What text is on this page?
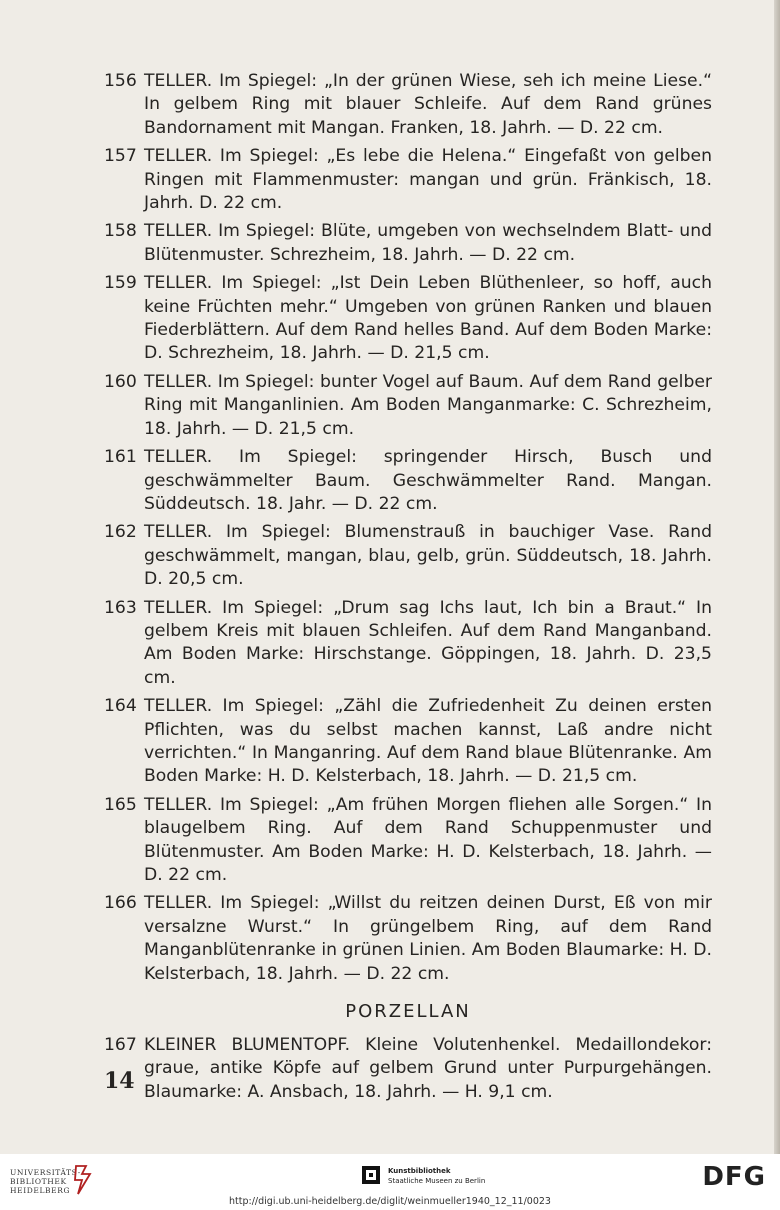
156 TELLER. Im Spiegel: „In der grünen Wiese, seh ich meine Liese.“ In gelbem Ring mit blauer Schleife. Auf dem Rand grünes Bandornament mit Mangan. Franken, 18. Jahrh. — D. 22 cm.
157 TELLER. Im Spiegel: „Es lebe die Helena.“ Eingefaßt von gelben Ringen mit Flammenmuster: mangan und grün. Fränkisch, 18. Jahrh. D. 22 cm.
158 TELLER. Im Spiegel: Blüte, umgeben von wechselndem Blatt- und Blütenmuster. Schrezheim, 18. Jahrh. — D. 22 cm.
159 TELLER. Im Spiegel: „Ist Dein Leben Blüthenleer, so hoff, auch keine Früchten mehr.“ Umgeben von grünen Ranken und blauen Fiederblättern. Auf dem Rand helles Band. Auf dem Boden Marke: D. Schrezheim, 18. Jahrh. — D. 21,5 cm.
160 TELLER. Im Spiegel: bunter Vogel auf Baum. Auf dem Rand gelber Ring mit Manganlinien. Am Boden Manganmarke: C. Schrezheim, 18. Jahrh. — D. 21,5 cm.
161 TELLER. Im Spiegel: springender Hirsch, Busch und geschwämmelter Baum. Geschwämmelter Rand. Mangan. Süddeutsch. 18. Jahr. — D. 22 cm.
162 TELLER. Im Spiegel: Blumenstrauß in bauchiger Vase. Rand geschwämmelt, mangan, blau, gelb, grün. Süddeutsch, 18. Jahrh. D. 20,5 cm.
163 TELLER. Im Spiegel: „Drum sag Ichs laut, Ich bin a Braut.“ In gelbem Kreis mit blauen Schleifen. Auf dem Rand Manganband. Am Boden Marke: Hirschstange. Göppingen, 18. Jahrh. D. 23,5 cm.
164 TELLER. Im Spiegel: „Zähl die Zufriedenheit Zu deinen ersten Pflichten, was du selbst machen kannst, Laß andre nicht verrichten.“ In Manganring. Auf dem Rand blaue Blütenranke. Am Boden Marke: H. D. Kelsterbach, 18. Jahrh. — D. 21,5 cm.
165 TELLER. Im Spiegel: „Am frühen Morgen fliehen alle Sorgen.“ In blaugelbem Ring. Auf dem Rand Schuppenmuster und Blütenmuster. Am Boden Marke: H. D. Kelsterbach, 18. Jahrh. — D. 22 cm.
166 TELLER. Im Spiegel: „Willst du reitzen deinen Durst, Eß von mir versalzne Wurst.“ In grüngelbem Ring, auf dem Rand Manganblütenranke in grünen Linien. Am Boden Blaumarke: H. D. Kelsterbach, 18. Jahrh. — D. 22 cm.
PORZELLAN
167 KLEINER BLUMENTOPF. Kleine Volutenhenkel. Medaillondekor: graue, antike Köpfe auf gelbem Grund unter Purpurgehängen. Blaumarke: A. Ansbach, 18. Jahrh. — H. 9,1 cm.
14
UNIVERSITÄTS-
BIBLIOTHEK
HEIDELBERG
Kunstbibliothek
Staatliche Museen zu Berlin	DFG
http://digi.ub.uni-heidelberg.de/diglit/weinmueller1940_12_11/0023
